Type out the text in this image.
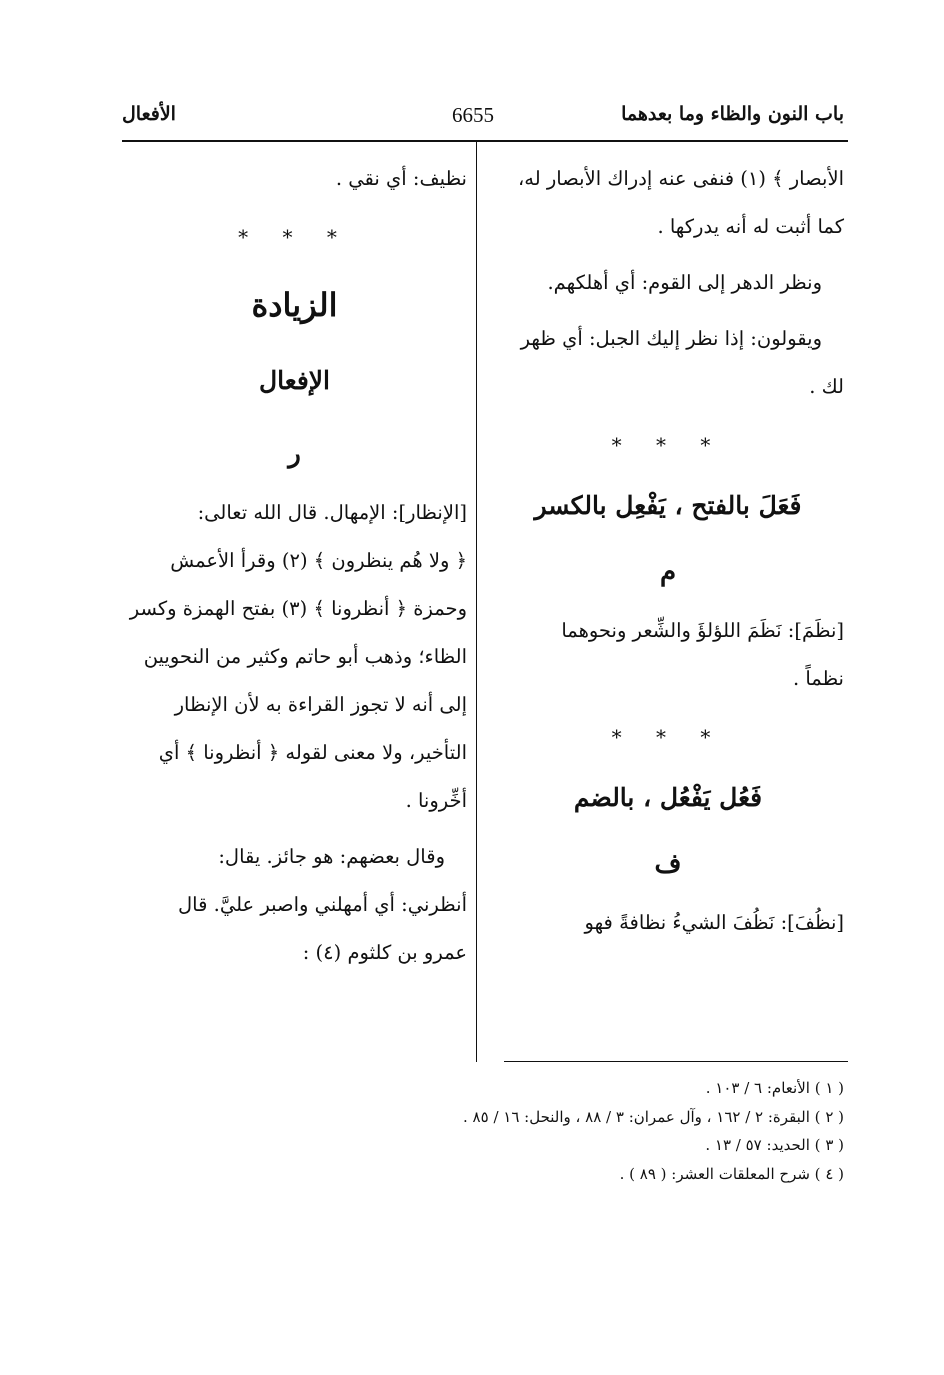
باب النون والظاء وما بعدهما
6655
الأفعال

الأبصار ﴾ (١) فنفى عنه إدراك الأبصار له،

كما أثبت له أنه يدركها .

ونظر الدهر إلى القوم: أي أهلكهم.

ويقولون: إذا نظر إليك الجبل: أي ظهر

لك .

* * *
فَعَلَ بالفتح ، يَفْعِل بالكسر
م

[نظَمَ]: نَظَمَ اللؤلؤَ والشِّعر ونحوهما

نظماً .

* * *
فَعُل يَفْعُل ، بالضم
ف

[نظُفَ]: نَظُفَ الشيءُ نظافةً فهو

نظيف: أي نقي .

* * *
الزيادة
الإفعال
ر

[الإنظار]: الإمهال. قال الله تعالى:

﴿ ولا هُم ينظرون ﴾ (٢) وقرأ الأعمش

وحمزة ﴿ أنظرونا ﴾ (٣) بفتح الهمزة وكسر

الظاء؛ وذهب أبو حاتم وكثير من النحويين

إلى أنه لا تجوز القراءة به لأن الإنظار

التأخير، ولا معنى لقوله ﴿ أنظرونا ﴾ أي

أخِّرونا .

وقال بعضهم: هو جائز. يقال:

أنظرني: أي أمهلني واصبر عليَّ. قال

عمرو بن كلثوم (٤) :

( ١ ) الأنعام: ٦ / ١٠٣ .
( ٢ ) البقرة: ٢ / ١٦٢ ، وآل عمران: ٣ / ٨٨ ، والنحل: ١٦ / ٨٥ .
( ٣ ) الحديد: ٥٧ / ١٣ .
( ٤ ) شرح المعلقات العشر: ( ٨٩ ) .
